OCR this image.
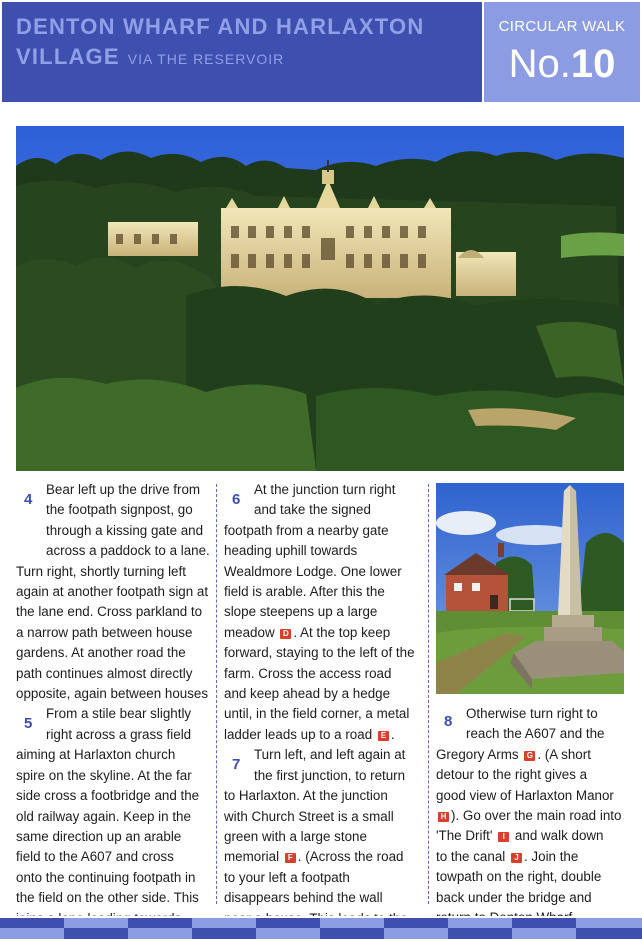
DENTON WHARF AND HARLAXTON
VILLAGE VIA THE RESERVOIR
CIRCULAR WALK
No.10
4
Bear left up the drive from
the footpath signpost, go
through a kissing gate and
across a paddock to a lane.
Turn right, shortly turning left
again at another footpath sign at
the lane end. Cross parkland to
a narrow path between house
gardens. At another road the
path continues almost directly
opposite, again between houses
5
From a stile bear slightly
right across a grass field
aiming at Harlaxton church
spire on the skyline. At the far
side cross a footbridge and the
old railway again. Keep in the
same direction up an arable
field to the A607 and cross
onto the continuing footpath in
the field on the other side. This
6
At the junction turn right
and take the signed
footpath from a nearby gate
heading uphill towards
Wealdmore Lodge. One lower
field is arable. After this the
slope steepens up a large
meadow D . At the top keep
forward, staying to the left of the
farm. Cross the access road
and keep ahead by a hedge
until, in the field corner, a metal
ladder leads up to a road E .
7
Turn left, and left again at
the first junction, to return
to Harlaxton. At the junction
with Church Street is a small
green with a large stone
memorial F . (Across the road
to your left a footpath
disappears behind the wall
8 Otherwise turn right to
reach the A607 and the
Gregory Arms G . (A short
detour to the right gives a
good view of Harlaxton Manor
H ). Go over the main road into
'The Drift' I and walk down
to the canal J . Join the
towpath on the right, double
back under the bridge and
